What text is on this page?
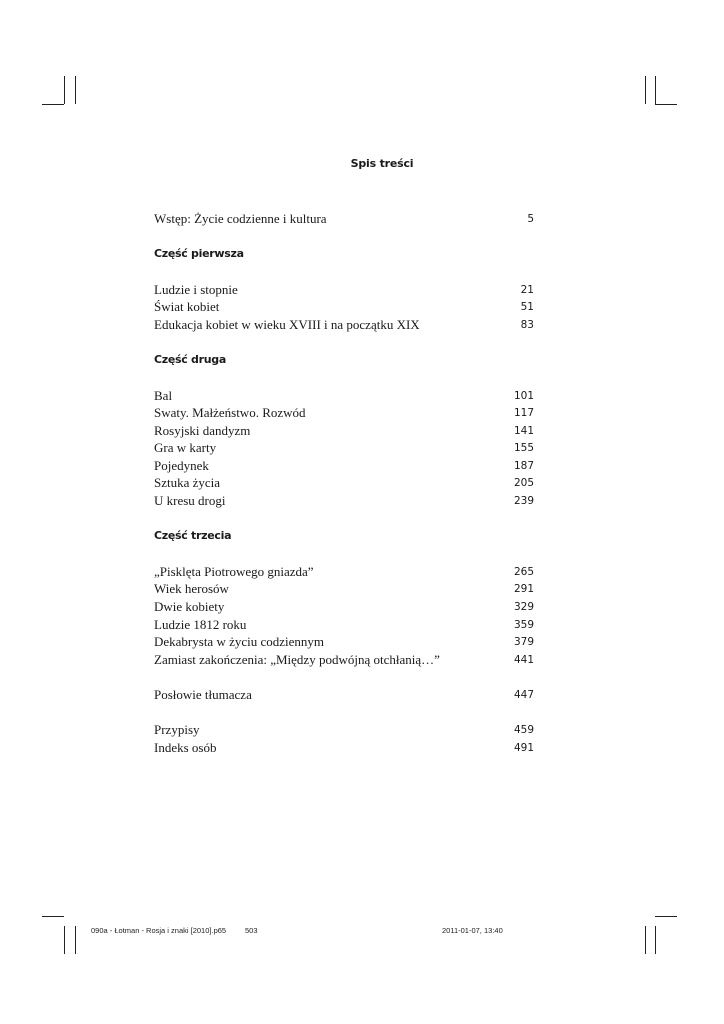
Spis treści
Wstęp: Życie codzienne i kultura	5
Część pierwsza
Ludzie i stopnie	21
Świat kobiet	51
Edukacja kobiet w wieku XVIII i na początku XIX	83
Część druga
Bal	101
Swaty. Małżeństwo. Rozwód	117
Rosyjski dandyzm	141
Gra w karty	155
Pojedynek	187
Sztuka życia	205
U kresu drogi	239
Część trzecia
„Pisklęta Piotrowego gniazda”	265
Wiek herosów	291
Dwie kobiety	329
Ludzie 1812 roku	359
Dekabrysta w życiu codziennym	379
Zamiast zakończenia: „Między podwójną otchłanią…”	441
Posłowie tłumacza	447
Przypisy	459
Indeks osób	491
090a - Łotman - Rosja i znaki [2010].p65	503	2011-01-07, 13:40
